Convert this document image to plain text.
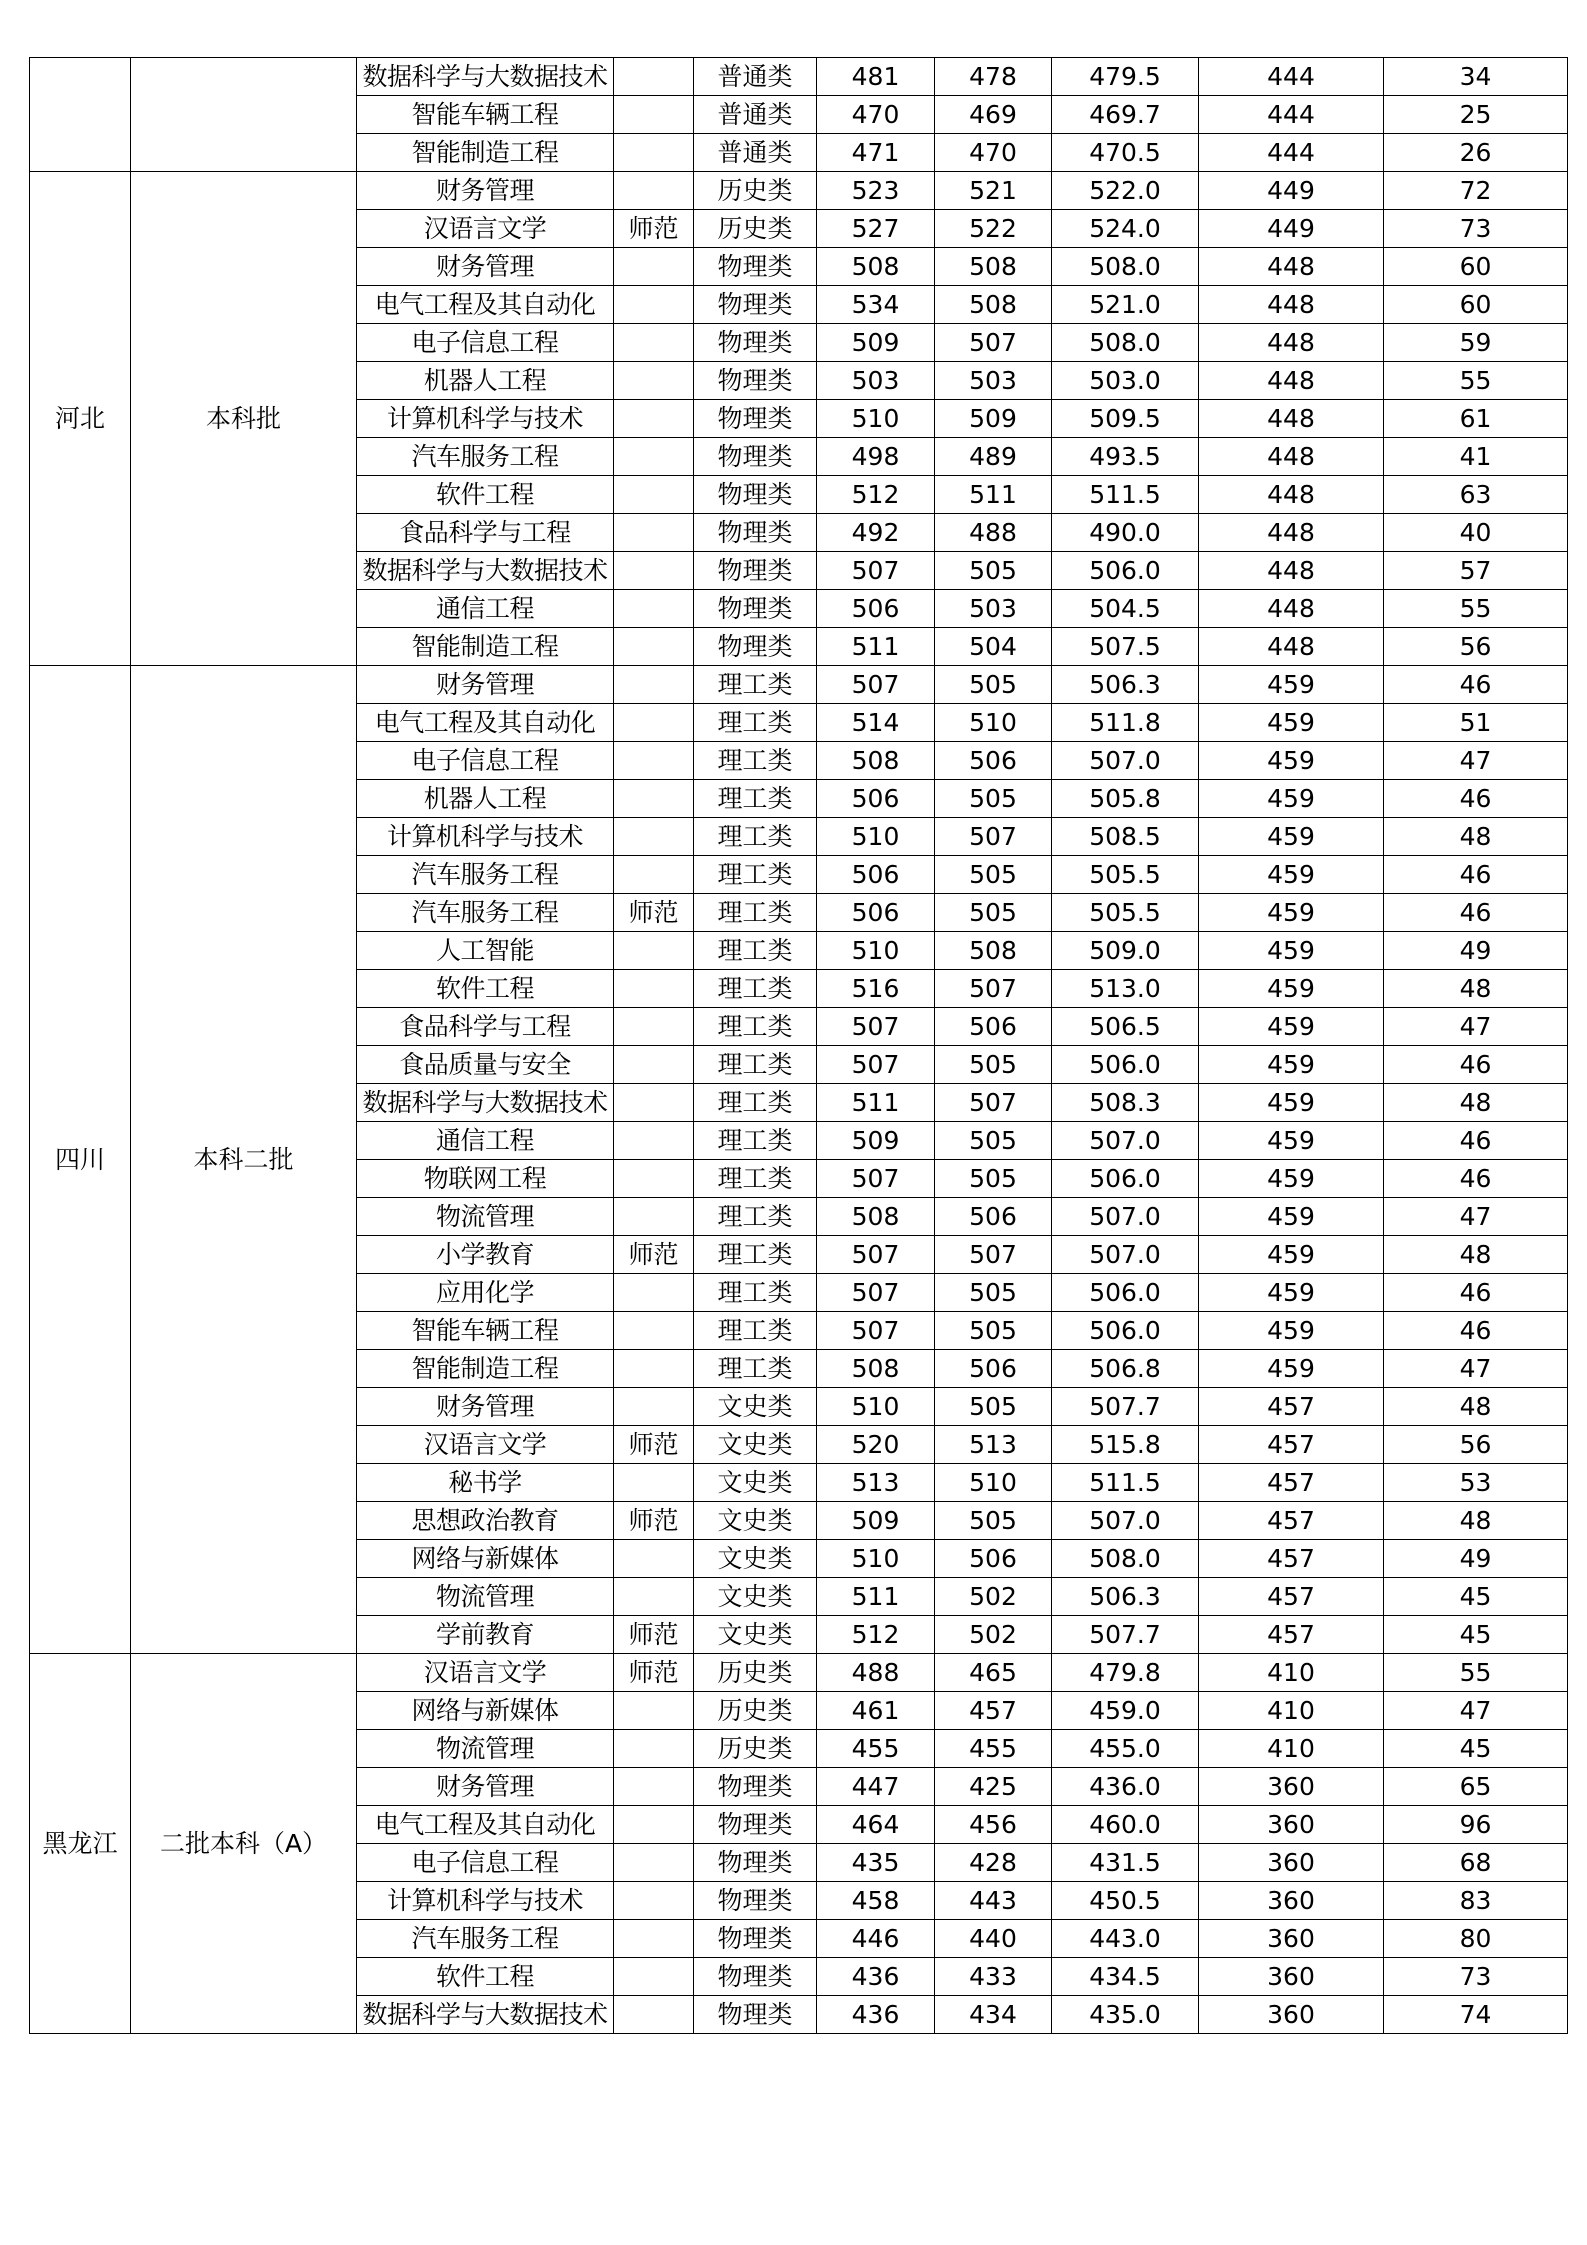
		数据科学与大数据技术		普通类	481	478	479.5	444	34
		智能车辆工程		普通类	470	469	469.7	444	25
		智能制造工程		普通类	471	470	470.5	444	26
河北	本科批	财务管理		历史类	523	521	522.0	449	72
		汉语言文学	师范	历史类	527	522	524.0	449	73
		财务管理		物理类	508	508	508.0	448	60
		电气工程及其自动化		物理类	534	508	521.0	448	60
		电子信息工程		物理类	509	507	508.0	448	59
		机器人工程		物理类	503	503	503.0	448	55
		计算机科学与技术		物理类	510	509	509.5	448	61
		汽车服务工程		物理类	498	489	493.5	448	41
		软件工程		物理类	512	511	511.5	448	63
		食品科学与工程		物理类	492	488	490.0	448	40
		数据科学与大数据技术		物理类	507	505	506.0	448	57
		通信工程		物理类	506	503	504.5	448	55
		智能制造工程		物理类	511	504	507.5	448	56
四川	本科二批	财务管理		理工类	507	505	506.3	459	46
		电气工程及其自动化		理工类	514	510	511.8	459	51
		电子信息工程		理工类	508	506	507.0	459	47
		机器人工程		理工类	506	505	505.8	459	46
		计算机科学与技术		理工类	510	507	508.5	459	48
		汽车服务工程		理工类	506	505	505.5	459	46
		汽车服务工程	师范	理工类	506	505	505.5	459	46
		人工智能		理工类	510	508	509.0	459	49
		软件工程		理工类	516	507	513.0	459	48
		食品科学与工程		理工类	507	506	506.5	459	47
		食品质量与安全		理工类	507	505	506.0	459	46
		数据科学与大数据技术		理工类	511	507	508.3	459	48
		通信工程		理工类	509	505	507.0	459	46
		物联网工程		理工类	507	505	506.0	459	46
		物流管理		理工类	508	506	507.0	459	47
		小学教育	师范	理工类	507	507	507.0	459	48
		应用化学		理工类	507	505	506.0	459	46
		智能车辆工程		理工类	507	505	506.0	459	46
		智能制造工程		理工类	508	506	506.8	459	47
		财务管理		文史类	510	505	507.7	457	48
		汉语言文学	师范	文史类	520	513	515.8	457	56
		秘书学		文史类	513	510	511.5	457	53
		思想政治教育	师范	文史类	509	505	507.0	457	48
		网络与新媒体		文史类	510	506	508.0	457	49
		物流管理		文史类	511	502	506.3	457	45
		学前教育	师范	文史类	512	502	507.7	457	45
黑龙江	二批本科（A）	汉语言文学	师范	历史类	488	465	479.8	410	55
		网络与新媒体		历史类	461	457	459.0	410	47
		物流管理		历史类	455	455	455.0	410	45
		财务管理		物理类	447	425	436.0	360	65
		电气工程及其自动化		物理类	464	456	460.0	360	96
		电子信息工程		物理类	435	428	431.5	360	68
		计算机科学与技术		物理类	458	443	450.5	360	83
		汽车服务工程		物理类	446	440	443.0	360	80
		软件工程		物理类	436	433	434.5	360	73
		数据科学与大数据技术		物理类	436	434	435.0	360	74
